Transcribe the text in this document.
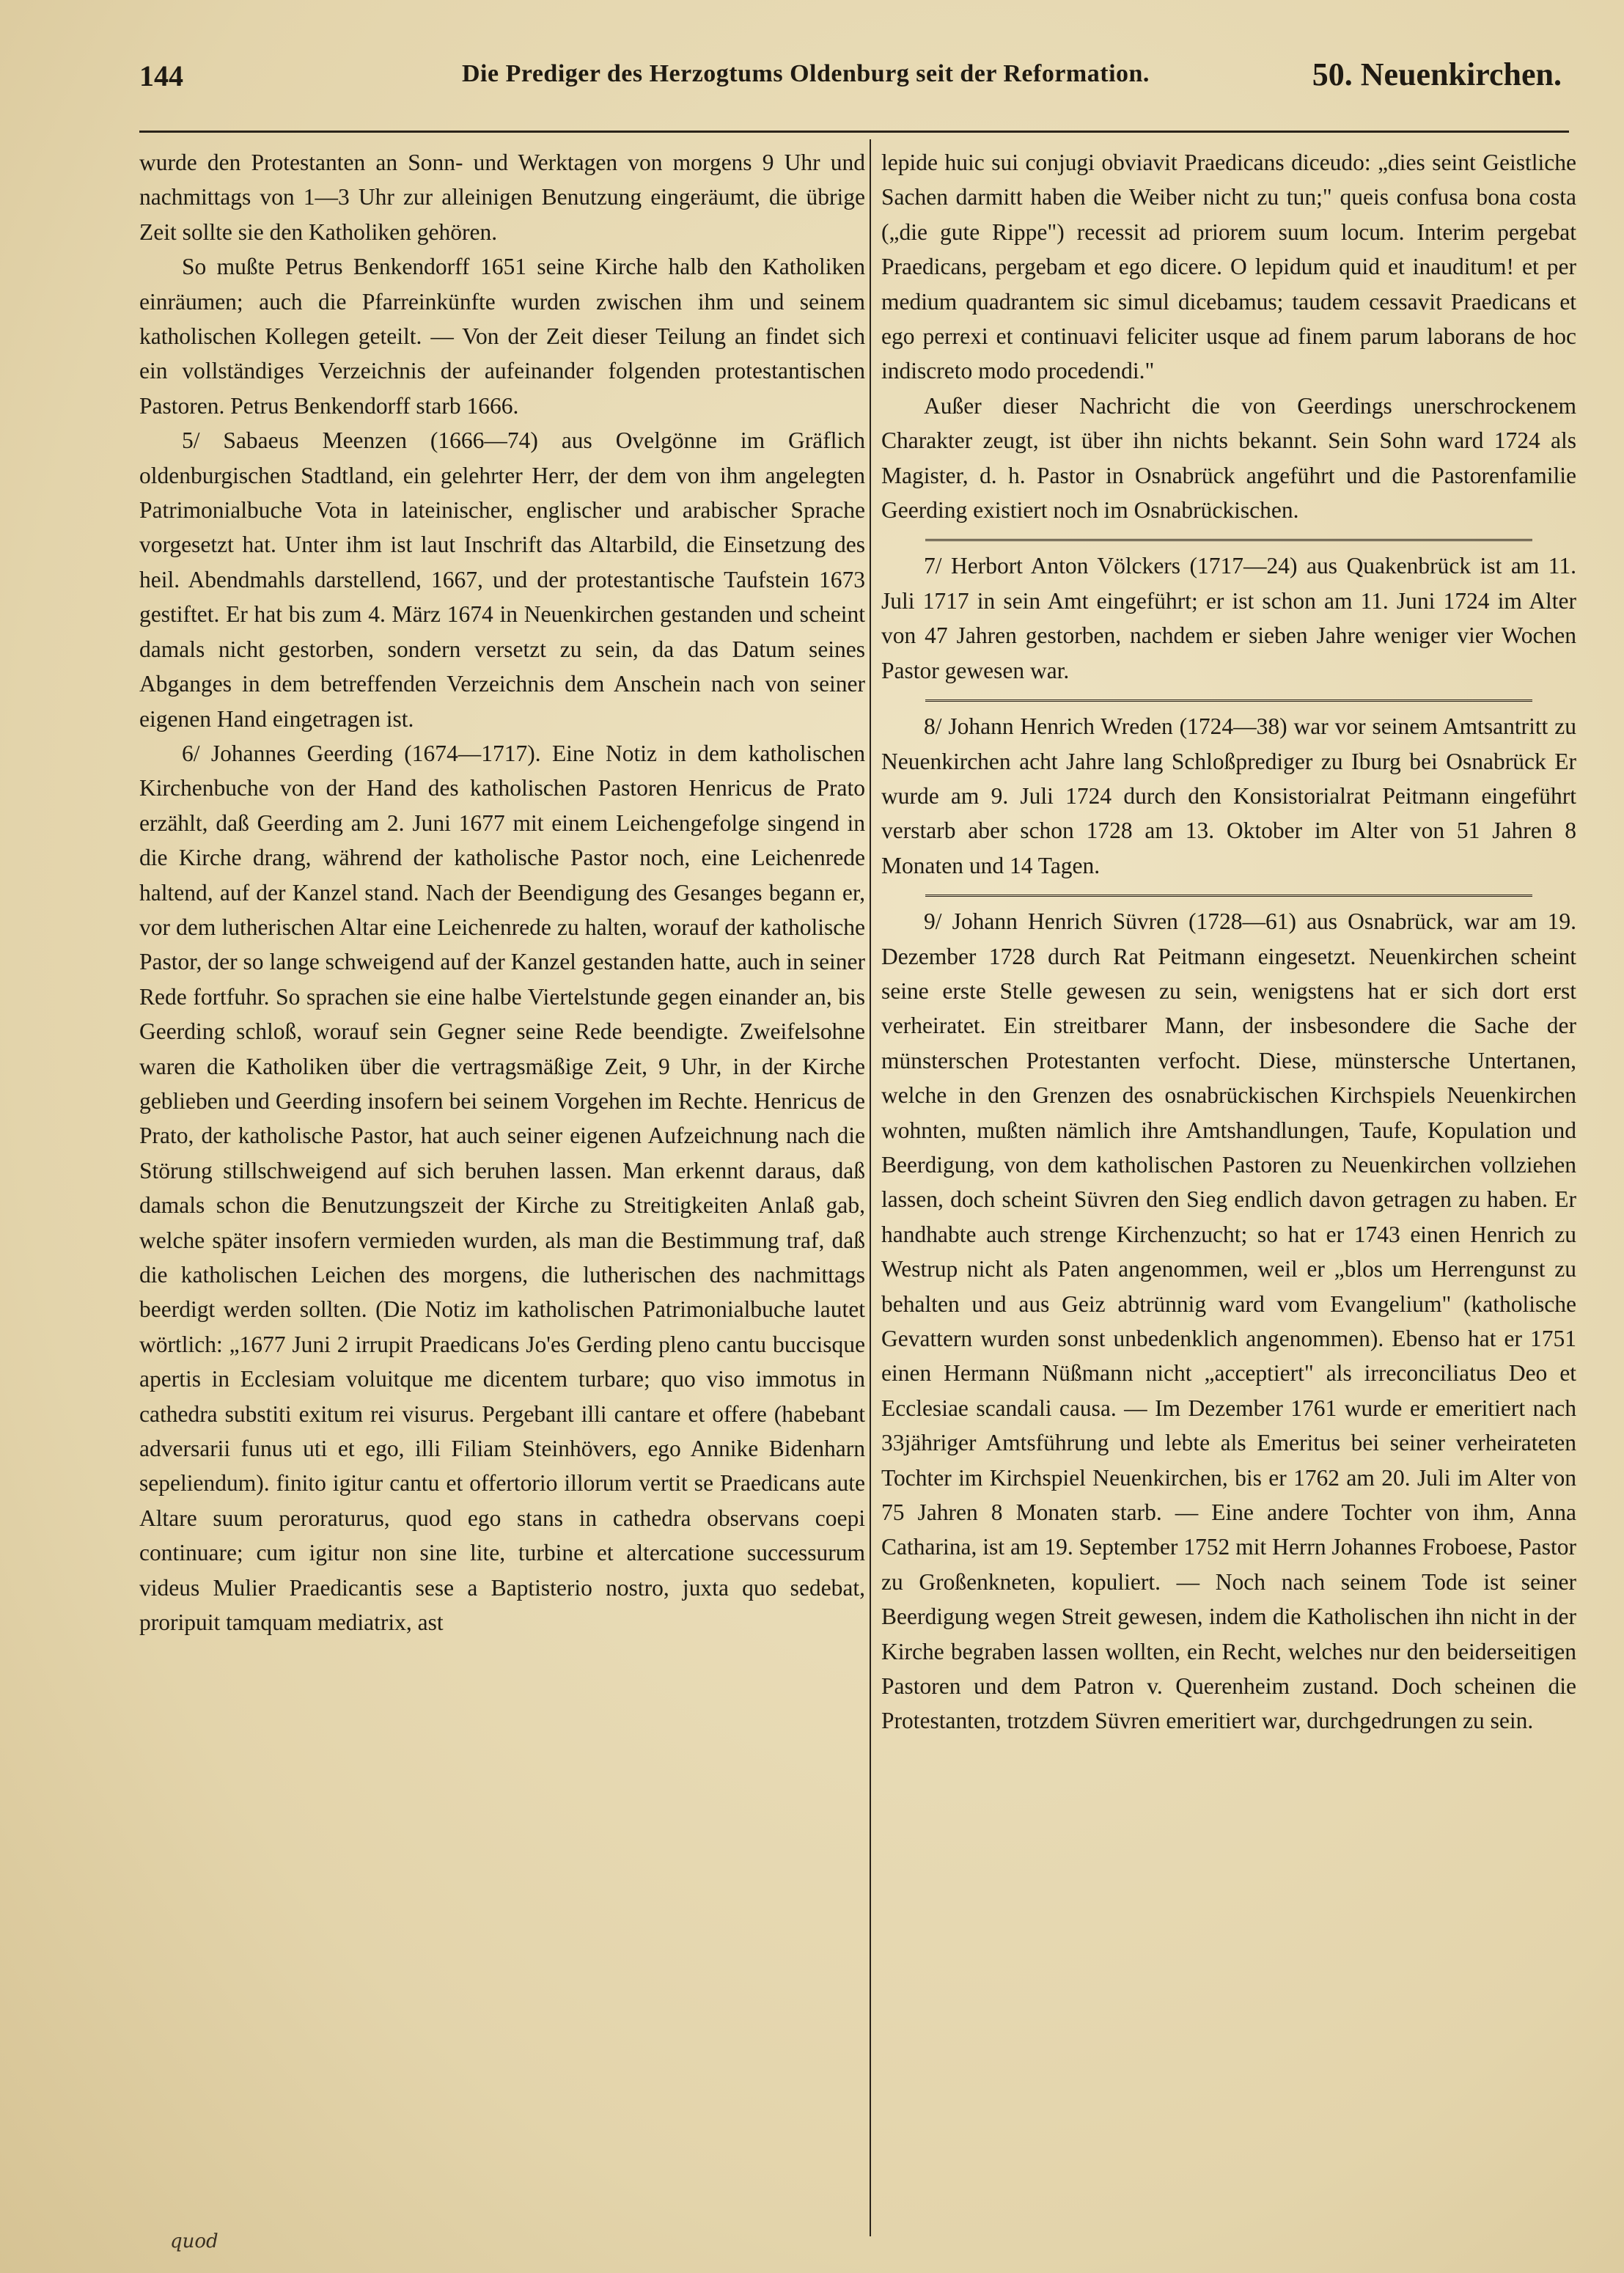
144	Die Prediger des Herzogtums Oldenburg seit der Reformation.	50. Neuenkirchen.

wurde den Protestanten an Sonn- und Werktagen von morgens 9 Uhr und nachmittags von 1—3 Uhr zur alleinigen Benutzung eingeräumt, die übrige Zeit sollte sie den Katholiken gehören.

So mußte Petrus Benkendorff 1651 seine Kirche halb den Katholiken einräumen; auch die Pfarreinkünfte wurden zwischen ihm und seinem katholischen Kollegen geteilt. — Von der Zeit dieser Teilung an findet sich ein vollständiges Verzeichnis der aufeinander folgenden protestantischen Pastoren. Petrus Benkendorff starb 1666.

5/ Sabaeus Meenzen (1666—74) aus Ovelgönne im Gräflich oldenburgischen Stadtland, ein gelehrter Herr, der dem von ihm angelegten Patrimonialbuche Vota in lateinischer, englischer und arabischer Sprache vorgesetzt hat. Unter ihm ist laut Inschrift das Altarbild, die Einsetzung des heil. Abendmahls darstellend, 1667, und der protestantische Taufstein 1673 gestiftet. Er hat bis zum 4. März 1674 in Neuenkirchen gestanden und scheint damals nicht gestorben, sondern versetzt zu sein, da das Datum seines Abganges in dem betreffenden Verzeichnis dem Anschein nach von seiner eigenen Hand eingetragen ist.

6/ Johannes Geerding (1674—1717). Eine Notiz in dem katholischen Kirchenbuche von der Hand des katholischen Pastoren Henricus de Prato erzählt, daß Geerding am 2. Juni 1677 mit einem Leichengefolge singend in die Kirche drang, während der katholische Pastor noch, eine Leichenrede haltend, auf der Kanzel stand. Nach der Beendigung des Gesanges begann er, vor dem lutherischen Altar eine Leichenrede zu halten, worauf der katholische Pastor, der so lange schweigend auf der Kanzel gestanden hatte, auch in seiner Rede fortfuhr. So sprachen sie eine halbe Viertelstunde gegen einander an, bis Geerding schloß, worauf sein Gegner seine Rede beendigte. Zweifelsohne waren die Katholiken über die vertragsmäßige Zeit, 9 Uhr, in der Kirche geblieben und Geerding insofern bei seinem Vorgehen im Rechte. Henricus de Prato, der katholische Pastor, hat auch seiner eigenen Aufzeichnung nach die Störung stillschweigend auf sich beruhen lassen. Man erkennt daraus, daß damals schon die Benutzungszeit der Kirche zu Streitigkeiten Anlaß gab, welche später insofern vermieden wurden, als man die Bestimmung traf, daß die katholischen Leichen des morgens, die lutherischen des nachmittags beerdigt werden sollten. (Die Notiz im katholischen Patrimonialbuche lautet wörtlich: „1677 Juni 2 irrupit Praedicans Jo'es Gerding pleno cantu buccisque apertis in Ecclesiam voluitque me dicentem turbare; quo viso immotus in cathedra substiti exitum rei visurus. Pergebant illi cantare et offere (habebant adversarii funus uti et ego, illi Filiam Steinhövers, ego Annike Bidenharn sepeliendum). finito igitur cantu et offertorio illorum vertit se Praedicans aute Altare suum peroraturus, quod ego stans in cathedra observans coepi continuare; cum igitur non sine lite, turbine et altercatione successurum videus Mulier Praedicantis sese a Baptisterio nostro, juxta quo sedebat, proripuit tamquam mediatrix, ast

lepide huic sui conjugi obviavit Praedicans diceudo: „dies seint Geistliche Sachen darmitt haben die Weiber nicht zu tun;" queis confusa bona costa („die gute Rippe") recessit ad priorem suum locum. Interim pergebat Praedicans, pergebam et ego dicere. O lepidum quid et inauditum! et per medium quadrantem sic simul dicebamus; taudem cessavit Praedicans et ego perrexi et continuavi feliciter usque ad finem parum laborans de hoc indiscreto modo procedendi."

Außer dieser Nachricht die von Geerdings unerschrockenem Charakter zeugt, ist über ihn nichts bekannt. Sein Sohn ward 1724 als Magister, d. h. Pastor in Osnabrück angeführt und die Pastorenfamilie Geerding existiert noch im Osnabrückischen.

7/ Herbort Anton Völckers (1717—24) aus Quakenbrück ist am 11. Juli 1717 in sein Amt eingeführt; er ist schon am 11. Juni 1724 im Alter von 47 Jahren gestorben, nachdem er sieben Jahre weniger vier Wochen Pastor gewesen war.

8/ Johann Henrich Wreden (1724—38) war vor seinem Amtsantritt zu Neuenkirchen acht Jahre lang Schloßprediger zu Iburg bei Osnabrück Er wurde am 9. Juli 1724 durch den Konsistorialrat Peitmann eingeführt verstarb aber schon 1728 am 13. Oktober im Alter von 51 Jahren 8 Monaten und 14 Tagen.

9/ Johann Henrich Süvren (1728—61) aus Osnabrück, war am 19. Dezember 1728 durch Rat Peitmann eingesetzt. Neuenkirchen scheint seine erste Stelle gewesen zu sein, wenigstens hat er sich dort erst verheiratet. Ein streitbarer Mann, der insbesondere die Sache der münsterschen Protestanten verfocht. Diese, münstersche Untertanen, welche in den Grenzen des osnabrückischen Kirchspiels Neuenkirchen wohnten, mußten nämlich ihre Amtshandlungen, Taufe, Kopulation und Beerdigung, von dem katholischen Pastoren zu Neuenkirchen vollziehen lassen, doch scheint Süvren den Sieg endlich davon getragen zu haben. Er handhabte auch strenge Kirchenzucht; so hat er 1743 einen Henrich zu Westrup nicht als Paten angenommen, weil er „blos um Herrengunst zu behalten und aus Geiz abtrünnig ward vom Evangelium" (katholische Gevattern wurden sonst unbedenklich angenommen). Ebenso hat er 1751 einen Hermann Nüßmann nicht „acceptiert" als irreconciliatus Deo et Ecclesiae scandali causa. — Im Dezember 1761 wurde er emeritiert nach 33jähriger Amtsführung und lebte als Emeritus bei seiner verheirateten Tochter im Kirchspiel Neuenkirchen, bis er 1762 am 20. Juli im Alter von 75 Jahren 8 Monaten starb. — Eine andere Tochter von ihm, Anna Catharina, ist am 19. September 1752 mit Herrn Johannes Froboese, Pastor zu Großenkneten, kopuliert. — Noch nach seinem Tode ist seiner Beerdigung wegen Streit gewesen, indem die Katholischen ihn nicht in der Kirche begraben lassen wollten, ein Recht, welches nur den beiderseitigen Pastoren und dem Patron v. Querenheim zustand. Doch scheinen die Protestanten, trotzdem Süvren emeritiert war, durchgedrungen zu sein.

quod
